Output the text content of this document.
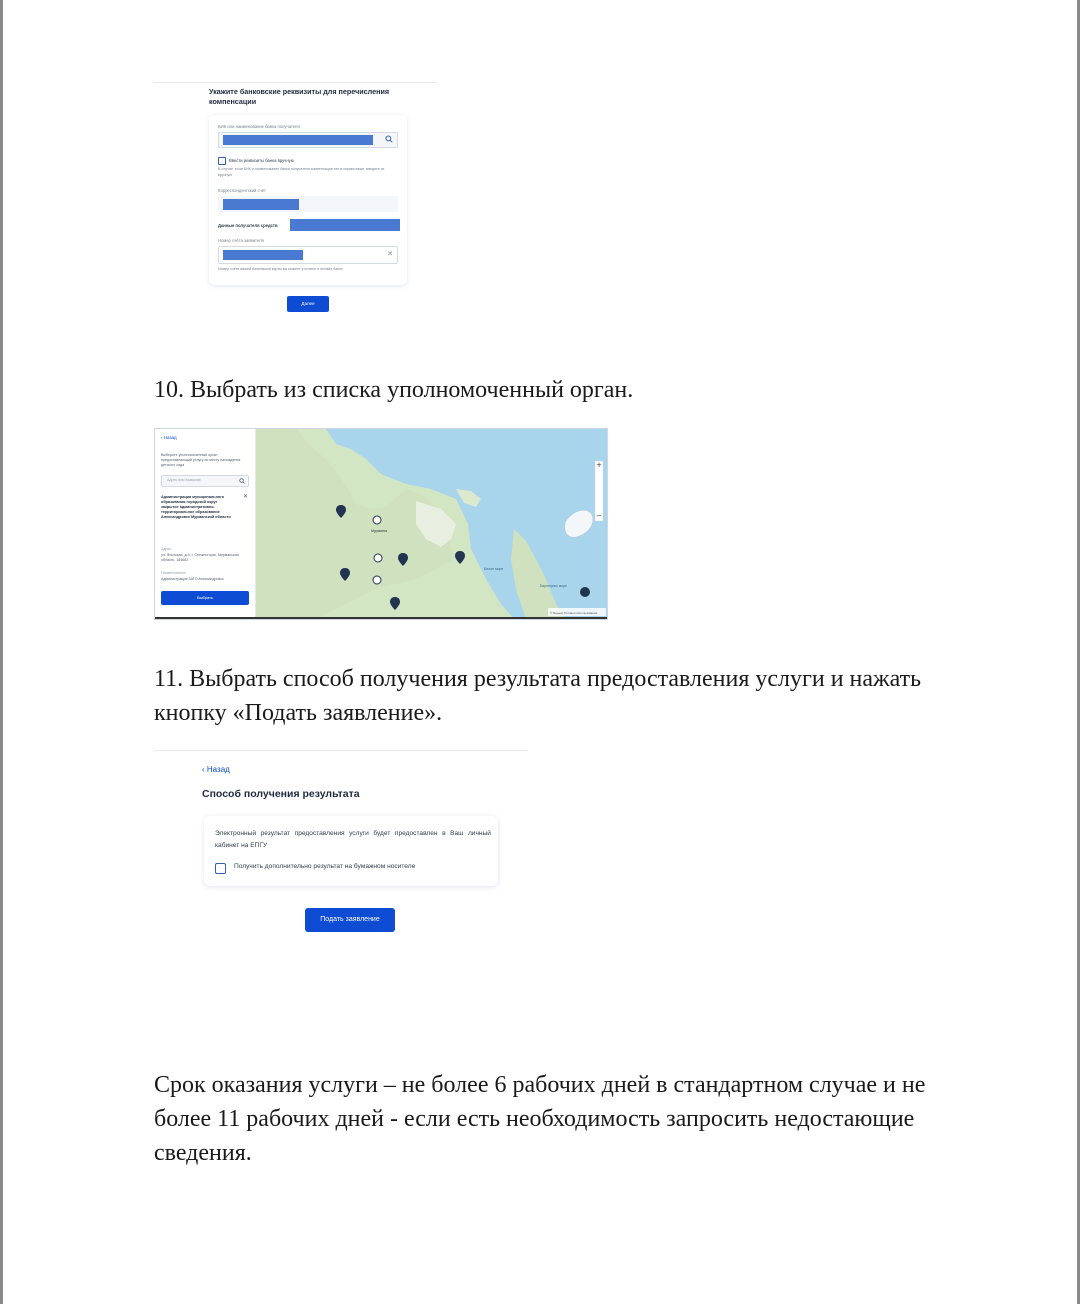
Укажите банковские реквизиты для перечисления компенсации
БИК или наименование банка получателя
Ввести реквизиты банка вручную
В случае, если БИК и наименование банка получателя компенсации нет в справочнике, введите их вручную
Корреспондентский счёт
Данные получателя средств
Номер счёта заявителя
✕
Номер счёта вашей банковской карты вы можете уточнить в онлайн банке
Далее
10. Выбрать из списка уполномоченный орган.
‹ Назад
Выберите уполномоченный орган, предоставляющий услугу по месту нахождения детского сада
Адрес или название
✕
Администрация муниципального образования городской округ закрытое административно-территориальное образование Александровск Мурманской области
Адрес
ул. Флотская, д.9, г. Снежногорск, Мурманская область, 184682
Наименование
Администрация ЗАТО Александровск
Выбрать
+
−
Мурманск
Белое море
Баренцево море
© Яндекс Условия использования
11. Выбрать способ получения результата предоставления услуги и нажать кнопку «Подать заявление».
‹ Назад
Способ получения результата
Электронный результат предоставления услуги будет предоставлен в Ваш личный кабинет на ЕПГУ
Получить дополнительно результат на бумажном носителе
Подать заявление
Срок оказания услуги – не более 6 рабочих дней в стандартном случае и не более 11 рабочих дней - если есть необходимость запросить недостающие сведения.
